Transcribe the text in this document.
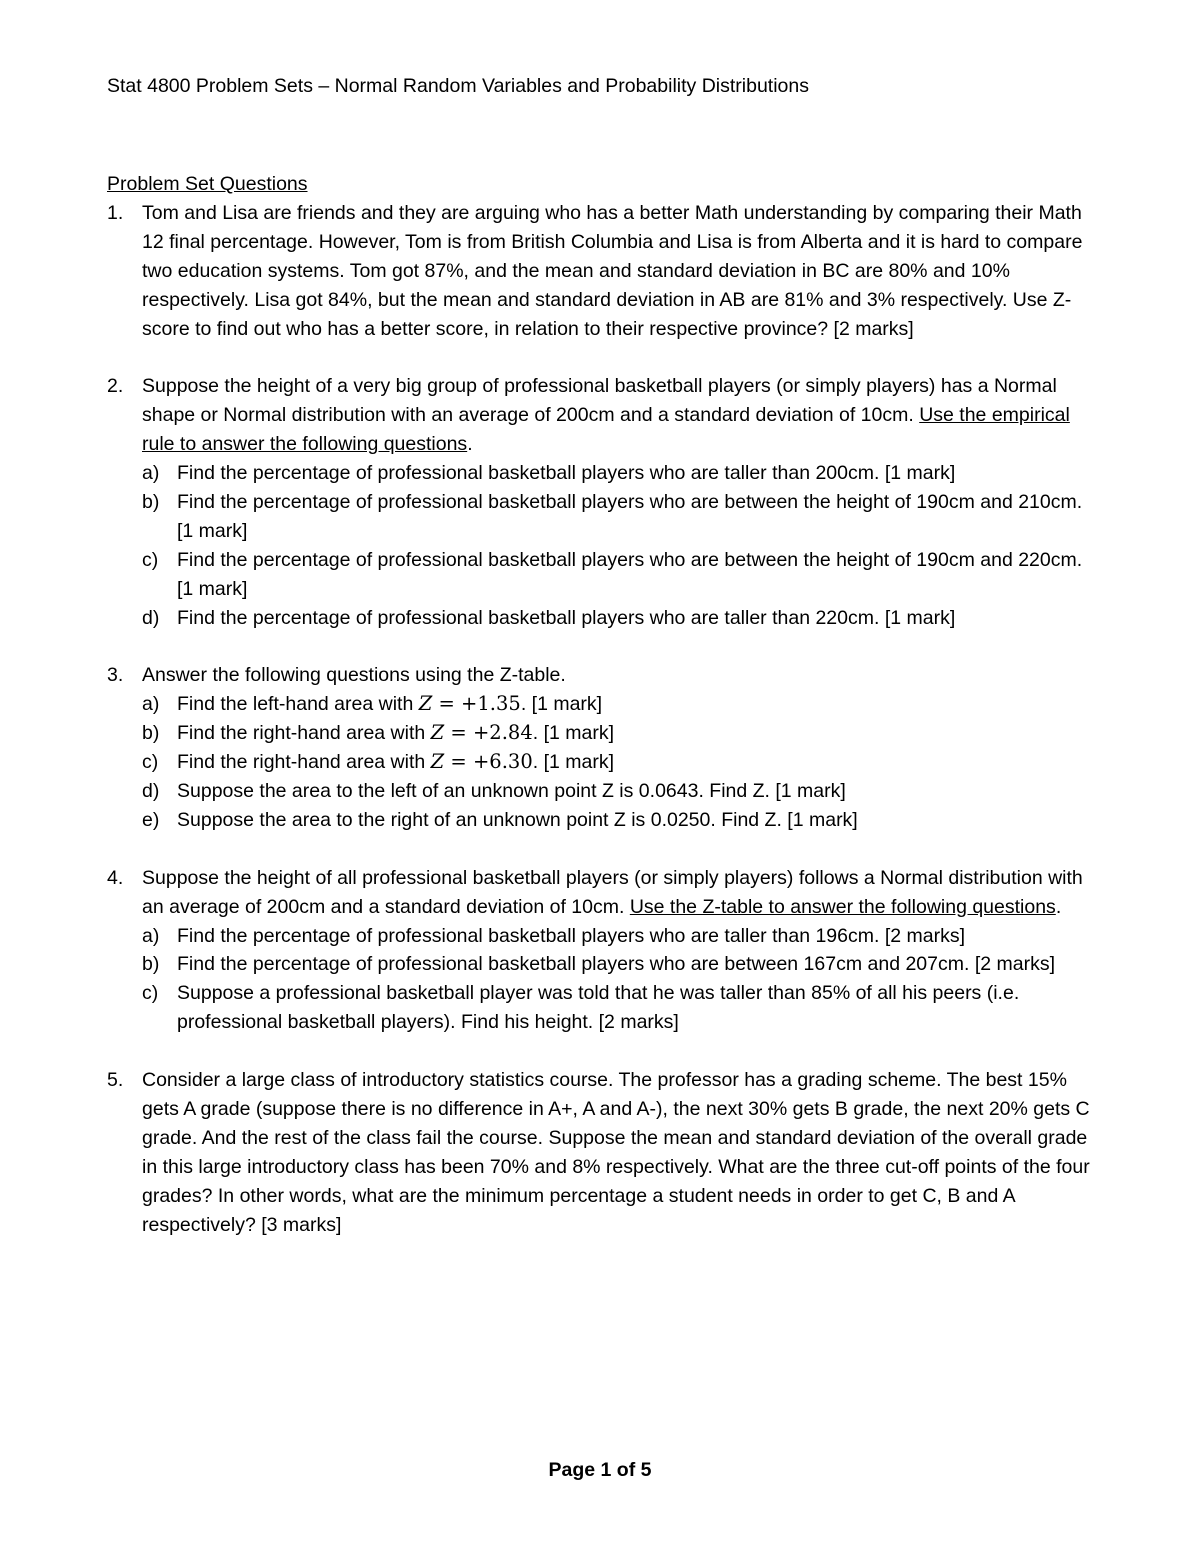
Stat 4800 Problem Sets – Normal Random Variables and Probability Distributions
Problem Set Questions
1. Tom and Lisa are friends and they are arguing who has a better Math understanding by comparing their Math 12 final percentage. However, Tom is from British Columbia and Lisa is from Alberta and it is hard to compare two education systems. Tom got 87%, and the mean and standard deviation in BC are 80% and 10% respectively. Lisa got 84%, but the mean and standard deviation in AB are 81% and 3% respectively. Use Z-score to find out who has a better score, in relation to their respective province? [2 marks]
2. Suppose the height of a very big group of professional basketball players (or simply players) has a Normal shape or Normal distribution with an average of 200cm and a standard deviation of 10cm. Use the empirical rule to answer the following questions.
a) Find the percentage of professional basketball players who are taller than 200cm. [1 mark]
b) Find the percentage of professional basketball players who are between the height of 190cm and 210cm. [1 mark]
c) Find the percentage of professional basketball players who are between the height of 190cm and 220cm. [1 mark]
d) Find the percentage of professional basketball players who are taller than 220cm. [1 mark]
3. Answer the following questions using the Z-table.
a) Find the left-hand area with Z = +1.35. [1 mark]
b) Find the right-hand area with Z = +2.84. [1 mark]
c) Find the right-hand area with Z = +6.30. [1 mark]
d) Suppose the area to the left of an unknown point Z is 0.0643. Find Z. [1 mark]
e) Suppose the area to the right of an unknown point Z is 0.0250. Find Z. [1 mark]
4. Suppose the height of all professional basketball players (or simply players) follows a Normal distribution with an average of 200cm and a standard deviation of 10cm. Use the Z-table to answer the following questions.
a) Find the percentage of professional basketball players who are taller than 196cm. [2 marks]
b) Find the percentage of professional basketball players who are between 167cm and 207cm. [2 marks]
c) Suppose a professional basketball player was told that he was taller than 85% of all his peers (i.e. professional basketball players). Find his height. [2 marks]
5. Consider a large class of introductory statistics course. The professor has a grading scheme. The best 15% gets A grade (suppose there is no difference in A+, A and A-), the next 30% gets B grade, the next 20% gets C grade. And the rest of the class fail the course. Suppose the mean and standard deviation of the overall grade in this large introductory class has been 70% and 8% respectively. What are the three cut-off points of the four grades? In other words, what are the minimum percentage a student needs in order to get C, B and A respectively? [3 marks]
Page 1 of 5
